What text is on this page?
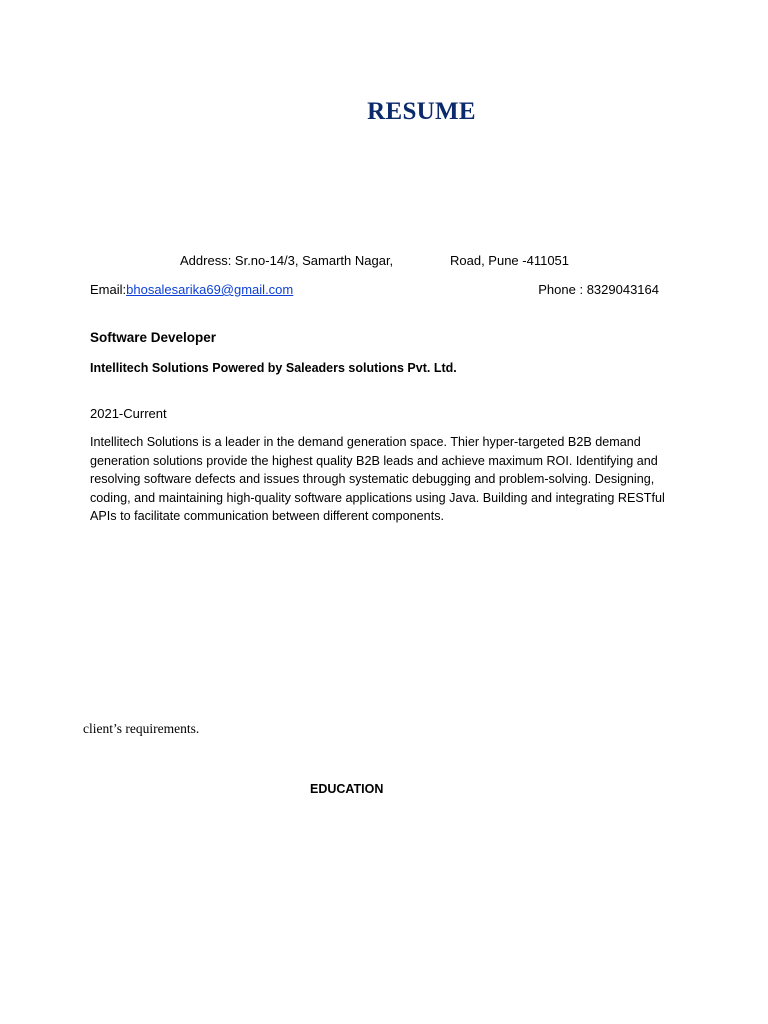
RESUME
Address: Sr.no-14/3, Samarth Nagar,	Road, Pune -411051
Email:bhosalesarika69@gmail.com	Phone : 8329043164
Software Developer
Intellitech Solutions Powered by Saleaders solutions Pvt. Ltd.
2021-Current
Intellitech Solutions is a leader in the demand generation space. Thier hyper-targeted B2B demand generation solutions provide the highest quality B2B leads and achieve maximum ROI. Identifying and resolving software defects and issues through systematic debugging and problem-solving. Designing, coding, and maintaining high-quality software applications using Java. Building and integrating RESTful APIs to facilitate communication between different components.
client’s requirements.
EDUCATION
